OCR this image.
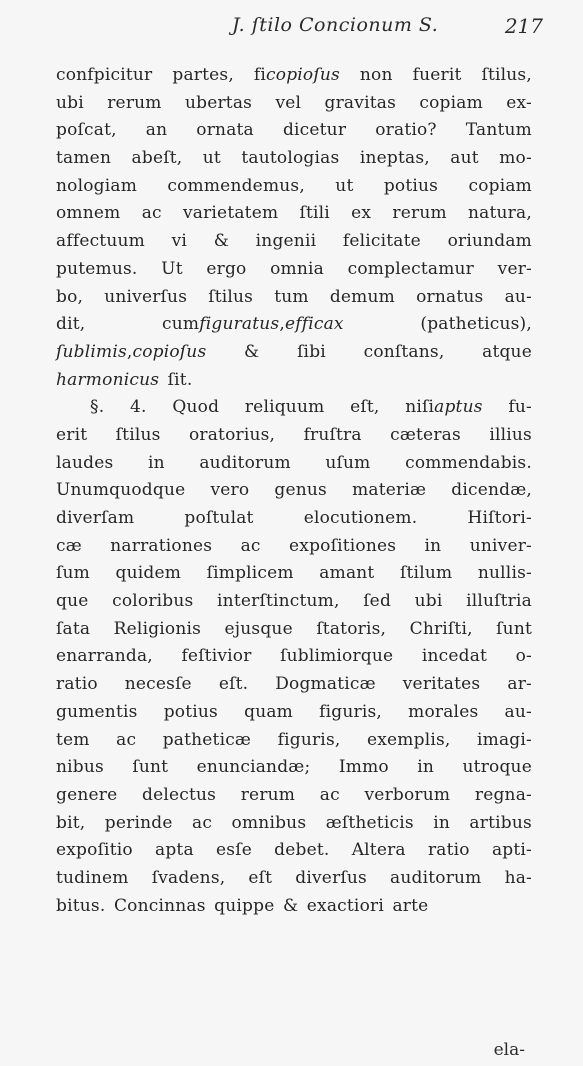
J. ſtilo Concionum S.	217
confpicitur partes, ficopioſus non fuerit ſtilus,
ubi rerum ubertas vel gravitas copiam ex-
poſcat, an ornata dicetur oratio? Tantum
tamen abeſt, ut tautologias ineptas, aut mo-
nologiam commendemus, ut potius copiam
omnem ac varietatem ſtili ex rerum natura,
affectuum vi & ingenii felicitate oriundam
putemus. Ut ergo omnia complectamur ver-
bo, univerſus ſtilus tum demum ornatus au-
dit,	cumfiguratus,efficax	(patheticus),
ſublimis,copioſus & ſibi conſtans, atque
harmonicus ſit.
§. 4. Quod reliquum eſt, niſiaptus fu-
erit ſtilus oratorius, fruſtra cæteras illius
laudes in auditorum uſum commendabis.
Unumquodque vero genus materiæ dicendæ,
diverſam	poſtulat	elocutionem.	Hiſtori-
cæ narrationes ac expoſitiones in univer-
ſum quidem ſimplicem amant ſtilum nullis-
que coloribus interſtinctum, ſed ubi illuſtria
ſata Religionis ejusque ſtatoris, Chriſti, ſunt
enarranda, feſtivior ſublimiorque incedat o-
ratio necesſe eſt. Dogmaticæ veritates ar-
gumentis potius quam figuris, morales au-
tem ac patheticæ figuris, exemplis, imagi-
nibus ſunt enunciandæ; Immo in utroque
genere delectus rerum ac verborum regna-
bit, perinde ac omnibus æſtheticis in artibus
expoſitio apta esſe debet. Altera ratio apti-
tudinem ſvadens, eſt diverſus auditorum ha-
bitus. Concinnas quippe & exactiori arte
ela-
